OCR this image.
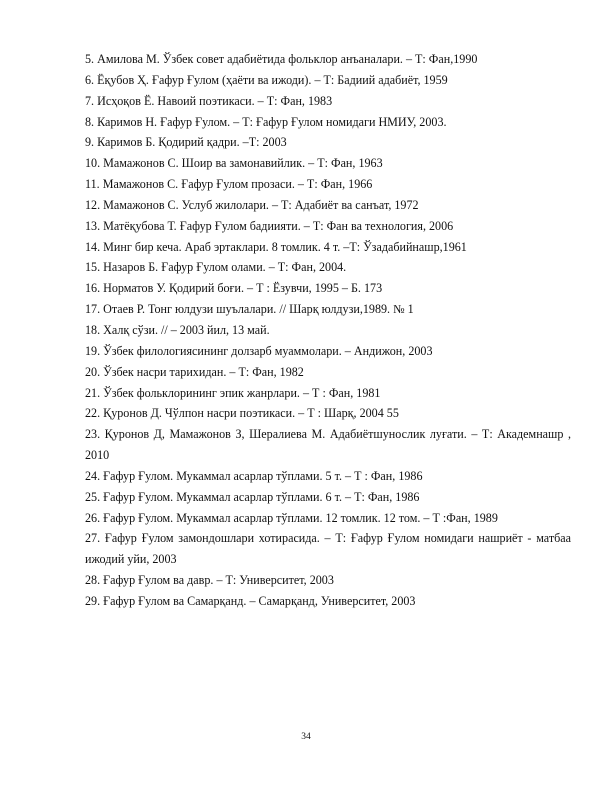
5. Амилова М. Ўзбек совет адабиётида фольклор анъаналари. – Т: Фан,1990
6. Ёқубов Ҳ. Ғафур Ғулом (ҳаёти ва ижоди). – Т: Бадиий адабиёт, 1959
7. Исҳоқов Ё. Навоий поэтикаси. – Т: Фан, 1983
8. Каримов Н. Ғафур Ғулом. – Т: Ғафур Ғулом номидаги НМИУ, 2003.
9. Каримов Б. Қодирий қадри. –Т: 2003
10. Мамажонов С. Шоир ва замонавийлик. – Т: Фан, 1963
11. Мамажонов С. Ғафур Ғулом прозаси. – Т: Фан, 1966
12. Мамажонов С. Услуб жилолари. – Т: Адабиёт ва санъат, 1972
13. Матёқубова Т. Ғафур Ғулом бадиияти. – Т: Фан ва технология, 2006
14. Минг бир кеча. Араб эртаклари. 8 томлик. 4 т. –Т: Ўзадабийнашр,1961
15. Назаров Б. Ғафур Ғулом олами. – Т: Фан, 2004.
16. Норматов У. Қодирий боғи. – Т : Ёзувчи, 1995 – Б. 173
17. Отаев Р. Тонг юлдузи шуълалари. // Шарқ юлдузи,1989. № 1
18. Халқ сўзи. // – 2003 йил, 13 май.
19. Ўзбек филологиясининг долзарб муаммолари. – Андижон, 2003
20. Ўзбек насри тарихидан. – Т: Фан, 1982
21. Ўзбек фольклорининг эпик жанрлари. – Т : Фан, 1981
22. Қуронов Д. Чўлпон насри поэтикаси. – Т : Шарқ, 2004 55
23. Қуронов Д, Мамажонов З, Шералиева М. Адабиётшунослик луғати. – Т: Академнашр , 2010
24. Ғафур Ғулом. Мукаммал асарлар тўплами. 5 т. – Т : Фан, 1986
25. Ғафур Ғулом. Мукаммал асарлар тўплами. 6 т. – Т: Фан, 1986
26. Ғафур Ғулом. Мукаммал асарлар тўплами. 12 томлик. 12 том. – Т :Фан, 1989
27. Ғафур Ғулом замондошлари хотирасида. – Т: Ғафур Ғулом номидаги нашриёт - матбаа ижодий уйи, 2003
28. Ғафур Ғулом ва давр. – Т: Университет, 2003
29. Ғафур Ғулом ва Самарқанд. – Самарқанд, Университет, 2003
34
